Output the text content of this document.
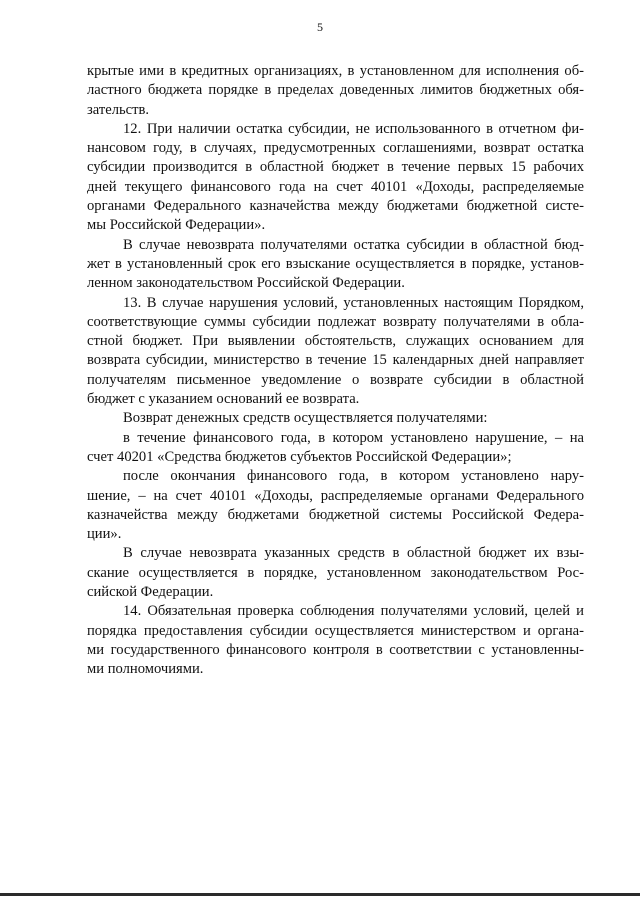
5
крытые ими в кредитных организациях, в установленном для исполнения об-
ластного бюджета порядке в пределах доведенных лимитов бюджетных обя-
зательств.
12. При наличии остатка субсидии, не использованного в отчетном фи-
нансовом году, в случаях, предусмотренных соглашениями, возврат остатка
субсидии производится в областной бюджет в течение первых 15 рабочих
дней текущего финансового года на счет 40101 «Доходы, распределяемые
органами Федерального казначейства между бюджетами бюджетной систе-
мы Российской Федерации».
В случае невозврата получателями остатка субсидии в областной бюд-
жет в установленный срок его взыскание осуществляется в порядке, установ-
ленном законодательством Российской Федерации.
13. В случае нарушения условий, установленных настоящим Порядком,
соответствующие суммы субсидии подлежат возврату получателями в обла-
стной бюджет. При выявлении обстоятельств, служащих основанием для
возврата субсидии, министерство в течение 15 календарных дней направляет
получателям письменное уведомление о возврате субсидии в областной
бюджет с указанием оснований ее возврата.
Возврат денежных средств осуществляется получателями:
в течение финансового года, в котором установлено нарушение, – на
счет 40201 «Средства бюджетов субъектов Российской Федерации»;
после окончания финансового года, в котором установлено нару-
шение, – на счет 40101 «Доходы, распределяемые органами Федерального
казначейства между бюджетами бюджетной системы Российской Федера-
ции».
В случае невозврата указанных средств в областной бюджет их взы-
скание осуществляется в порядке, установленном законодательством Рос-
сийской Федерации.
14. Обязательная проверка соблюдения получателями условий, целей и
порядка предоставления субсидии осуществляется министерством и органа-
ми государственного финансового контроля в соответствии с установленны-
ми полномочиями.
